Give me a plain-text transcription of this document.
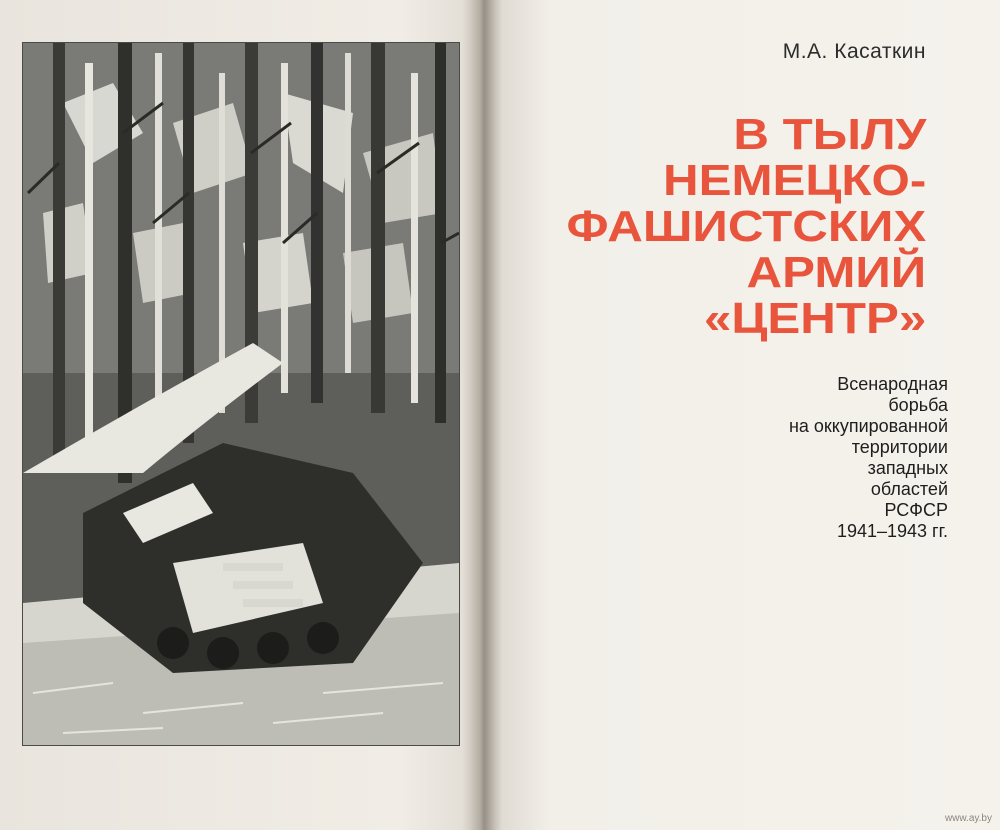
М.А. Касаткин
В ТЫЛУ
НЕМЕЦКО-
ФАШИСТСКИХ
АРМИЙ
«ЦЕНТР»
Всенародная
борьба
на оккупированной
территории
западных
областей
РСФСР
1941–1943 гг.
www.ay.by
